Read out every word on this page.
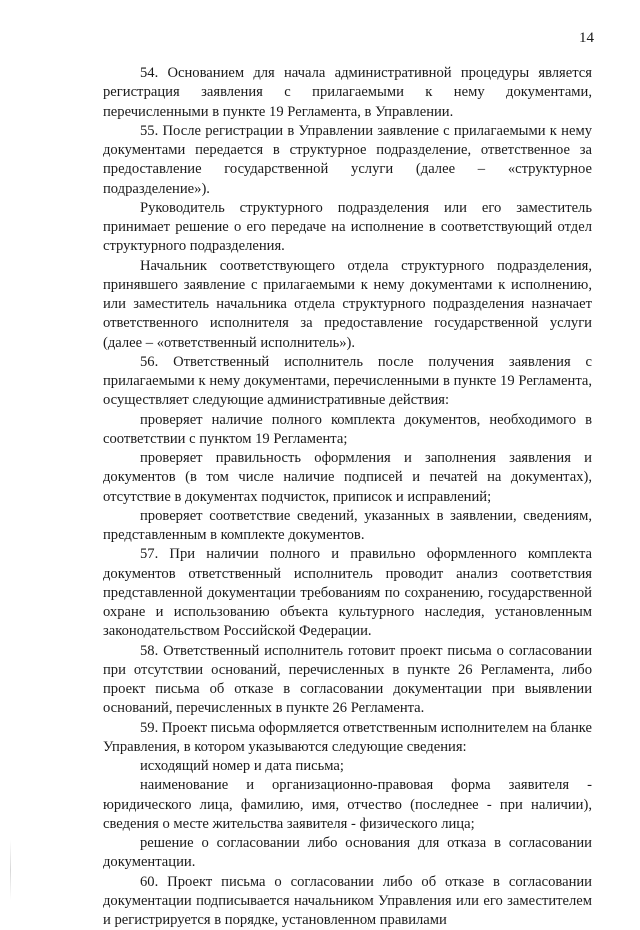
14

54. Основанием для начала административной процедуры является регистрация заявления с прилагаемыми к нему документами, перечисленными в пункте 19 Регламента, в Управлении.

55. После регистрации в Управлении заявление с прилагаемыми к нему документами передается в структурное подразделение, ответственное за предоставление государственной услуги (далее – «структурное подразделение»).

Руководитель структурного подразделения или его заместитель принимает решение о его передаче на исполнение в соответствующий отдел структурного подразделения.

Начальник соответствующего отдела структурного подразделения, принявшего заявление с прилагаемыми к нему документами к исполнению, или заместитель начальника отдела структурного подразделения назначает ответственного исполнителя за предоставление государственной услуги (далее – «ответственный исполнитель»).

56. Ответственный исполнитель после получения заявления с прилагаемыми к нему документами, перечисленными в пункте 19 Регламента, осуществляет следующие административные действия:

проверяет наличие полного комплекта документов, необходимого в соответствии с пунктом 19 Регламента;

проверяет правильность оформления и заполнения заявления и документов (в том числе наличие подписей и печатей на документах), отсутствие в документах подчисток, приписок и исправлений;

проверяет соответствие сведений, указанных в заявлении, сведениям, представленным в комплекте документов.

57. При наличии полного и правильно оформленного комплекта документов ответственный исполнитель проводит анализ соответствия представленной документации требованиям по сохранению, государственной охране и использованию объекта культурного наследия, установленным законодательством Российской Федерации.

58. Ответственный исполнитель готовит проект письма о согласовании при отсутствии оснований, перечисленных в пункте 26 Регламента, либо проект письма об отказе в согласовании документации при выявлении оснований, перечисленных в пункте 26 Регламента.

59. Проект письма оформляется ответственным исполнителем на бланке Управления, в котором указываются следующие сведения:

исходящий номер и дата письма;

наименование и организационно-правовая форма заявителя - юридического лица, фамилию, имя, отчество (последнее - при наличии), сведения о месте жительства заявителя - физического лица;

решение о согласовании либо основания для отказа в согласовании документации.

60. Проект письма о согласовании либо об отказе в согласовании документации подписывается начальником Управления или его заместителем и регистрируется в порядке, установленном правилами
